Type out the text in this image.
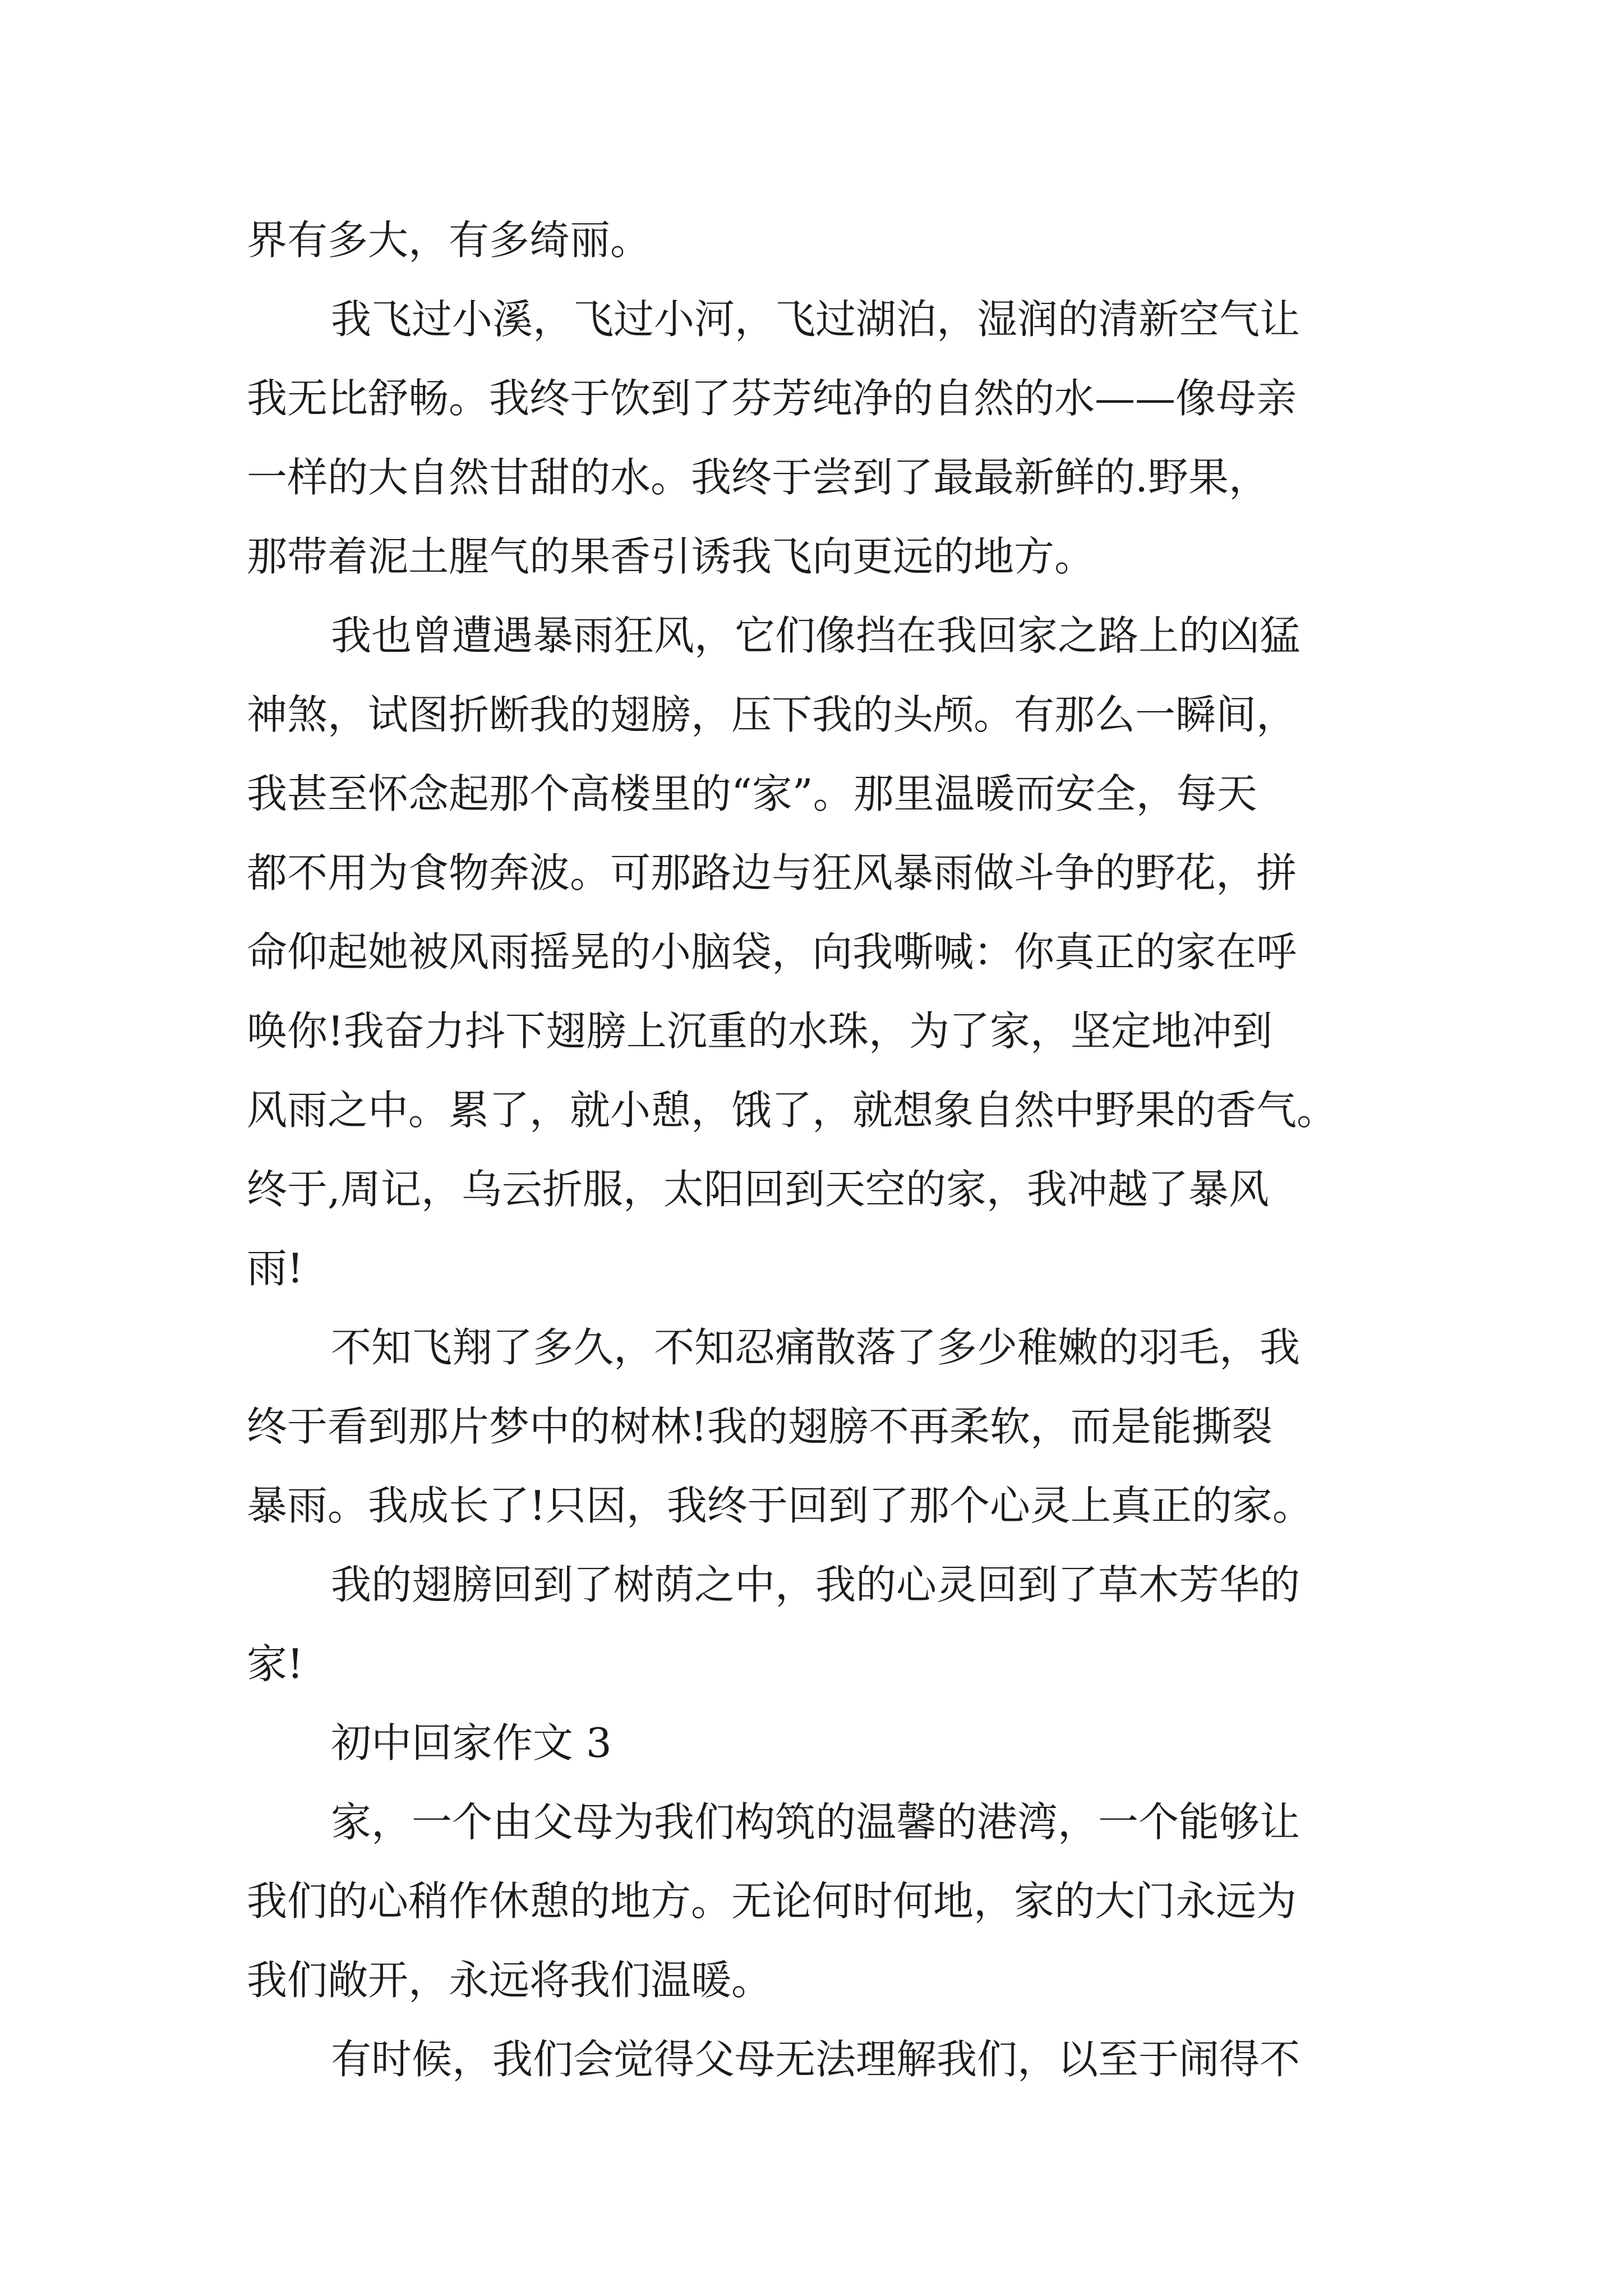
界有多大，有多绮丽。

我飞过小溪，飞过小河，飞过湖泊，湿润的清新空气让

我无比舒畅。我终于饮到了芬芳纯净的自然的水——像母亲

一样的大自然甘甜的水。我终于尝到了最最新鲜的.野果，

那带着泥土腥气的果香引诱我飞向更远的地方。

我也曾遭遇暴雨狂风，它们像挡在我回家之路上的凶猛

神煞，试图折断我的翅膀，压下我的头颅。有那么一瞬间，

我甚至怀念起那个高楼里的“家”。那里温暖而安全，每天

都不用为食物奔波。可那路边与狂风暴雨做斗争的野花，拼

命仰起她被风雨摇晃的小脑袋，向我嘶喊：你真正的家在呼

唤你!我奋力抖下翅膀上沉重的水珠，为了家，坚定地冲到

风雨之中。累了，就小憩，饿了，就想象自然中野果的香气。

终于,周记，乌云折服，太阳回到天空的家，我冲越了暴风

雨!

不知飞翔了多久，不知忍痛散落了多少稚嫩的羽毛，我

终于看到那片梦中的树林!我的翅膀不再柔软，而是能撕裂

暴雨。我成长了!只因，我终于回到了那个心灵上真正的家。

我的翅膀回到了树荫之中，我的心灵回到了草木芳华的

家!

初中回家作文 3

家，一个由父母为我们构筑的温馨的港湾，一个能够让

我们的心稍作休憩的地方。无论何时何地，家的大门永远为

我们敞开，永远将我们温暖。

有时候，我们会觉得父母无法理解我们，以至于闹得不
